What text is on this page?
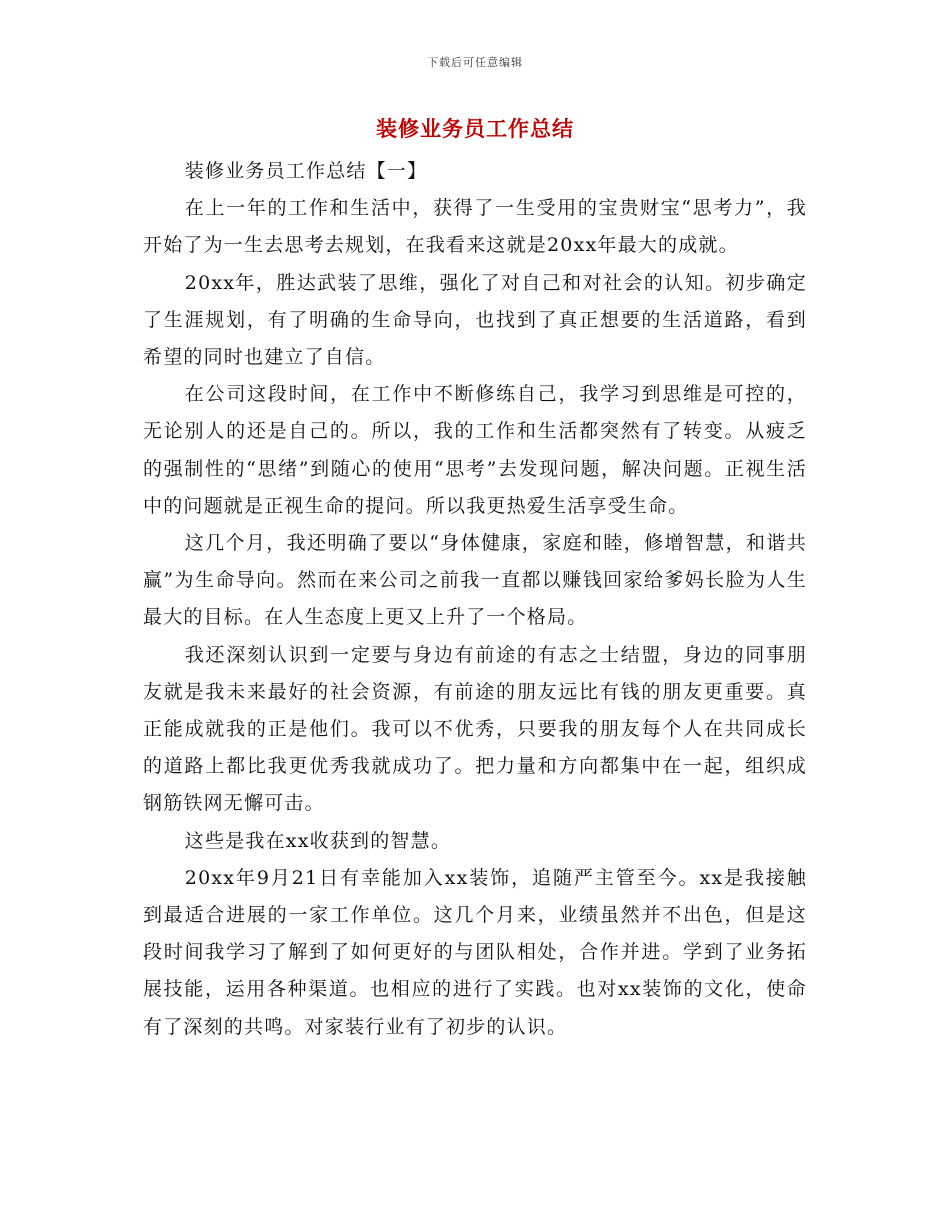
下载后可任意编辑
装修业务员工作总结

装修业务员工作总结【一】

在上一年的工作和生活中，获得了一生受用的宝贵财宝“思考力”，我开始了为一生去思考去规划，在我看来这就是20xx年最大的成就。

20xx年，胜达武装了思维，强化了对自己和对社会的认知。初步确定了生涯规划，有了明确的生命导向，也找到了真正想要的生活道路，看到希望的同时也建立了自信。

在公司这段时间，在工作中不断修练自己，我学习到思维是可控的，无论别人的还是自己的。所以，我的工作和生活都突然有了转变。从疲乏的强制性的“思绪”到随心的使用“思考”去发现问题，解决问题。正视生活中的问题就是正视生命的提问。所以我更热爱生活享受生命。

这几个月，我还明确了要以“身体健康，家庭和睦，修增智慧，和谐共赢”为生命导向。然而在来公司之前我一直都以赚钱回家给爹妈长脸为人生最大的目标。在人生态度上更又上升了一个格局。

我还深刻认识到一定要与身边有前途的有志之士结盟，身边的同事朋友就是我未来最好的社会资源，有前途的朋友远比有钱的朋友更重要。真正能成就我的正是他们。我可以不优秀，只要我的朋友每个人在共同成长的道路上都比我更优秀我就成功了。把力量和方向都集中在一起，组织成钢筋铁网无懈可击。

这些是我在xx收获到的智慧。

20xx年9月21日有幸能加入xx装饰，追随严主管至今。xx是我接触到最适合进展的一家工作单位。这几个月来，业绩虽然并不出色，但是这段时间我学习了解到了如何更好的与团队相处，合作并进。学到了业务拓展技能，运用各种渠道。也相应的进行了实践。也对xx装饰的文化，使命有了深刻的共鸣。对家装行业有了初步的认识。
